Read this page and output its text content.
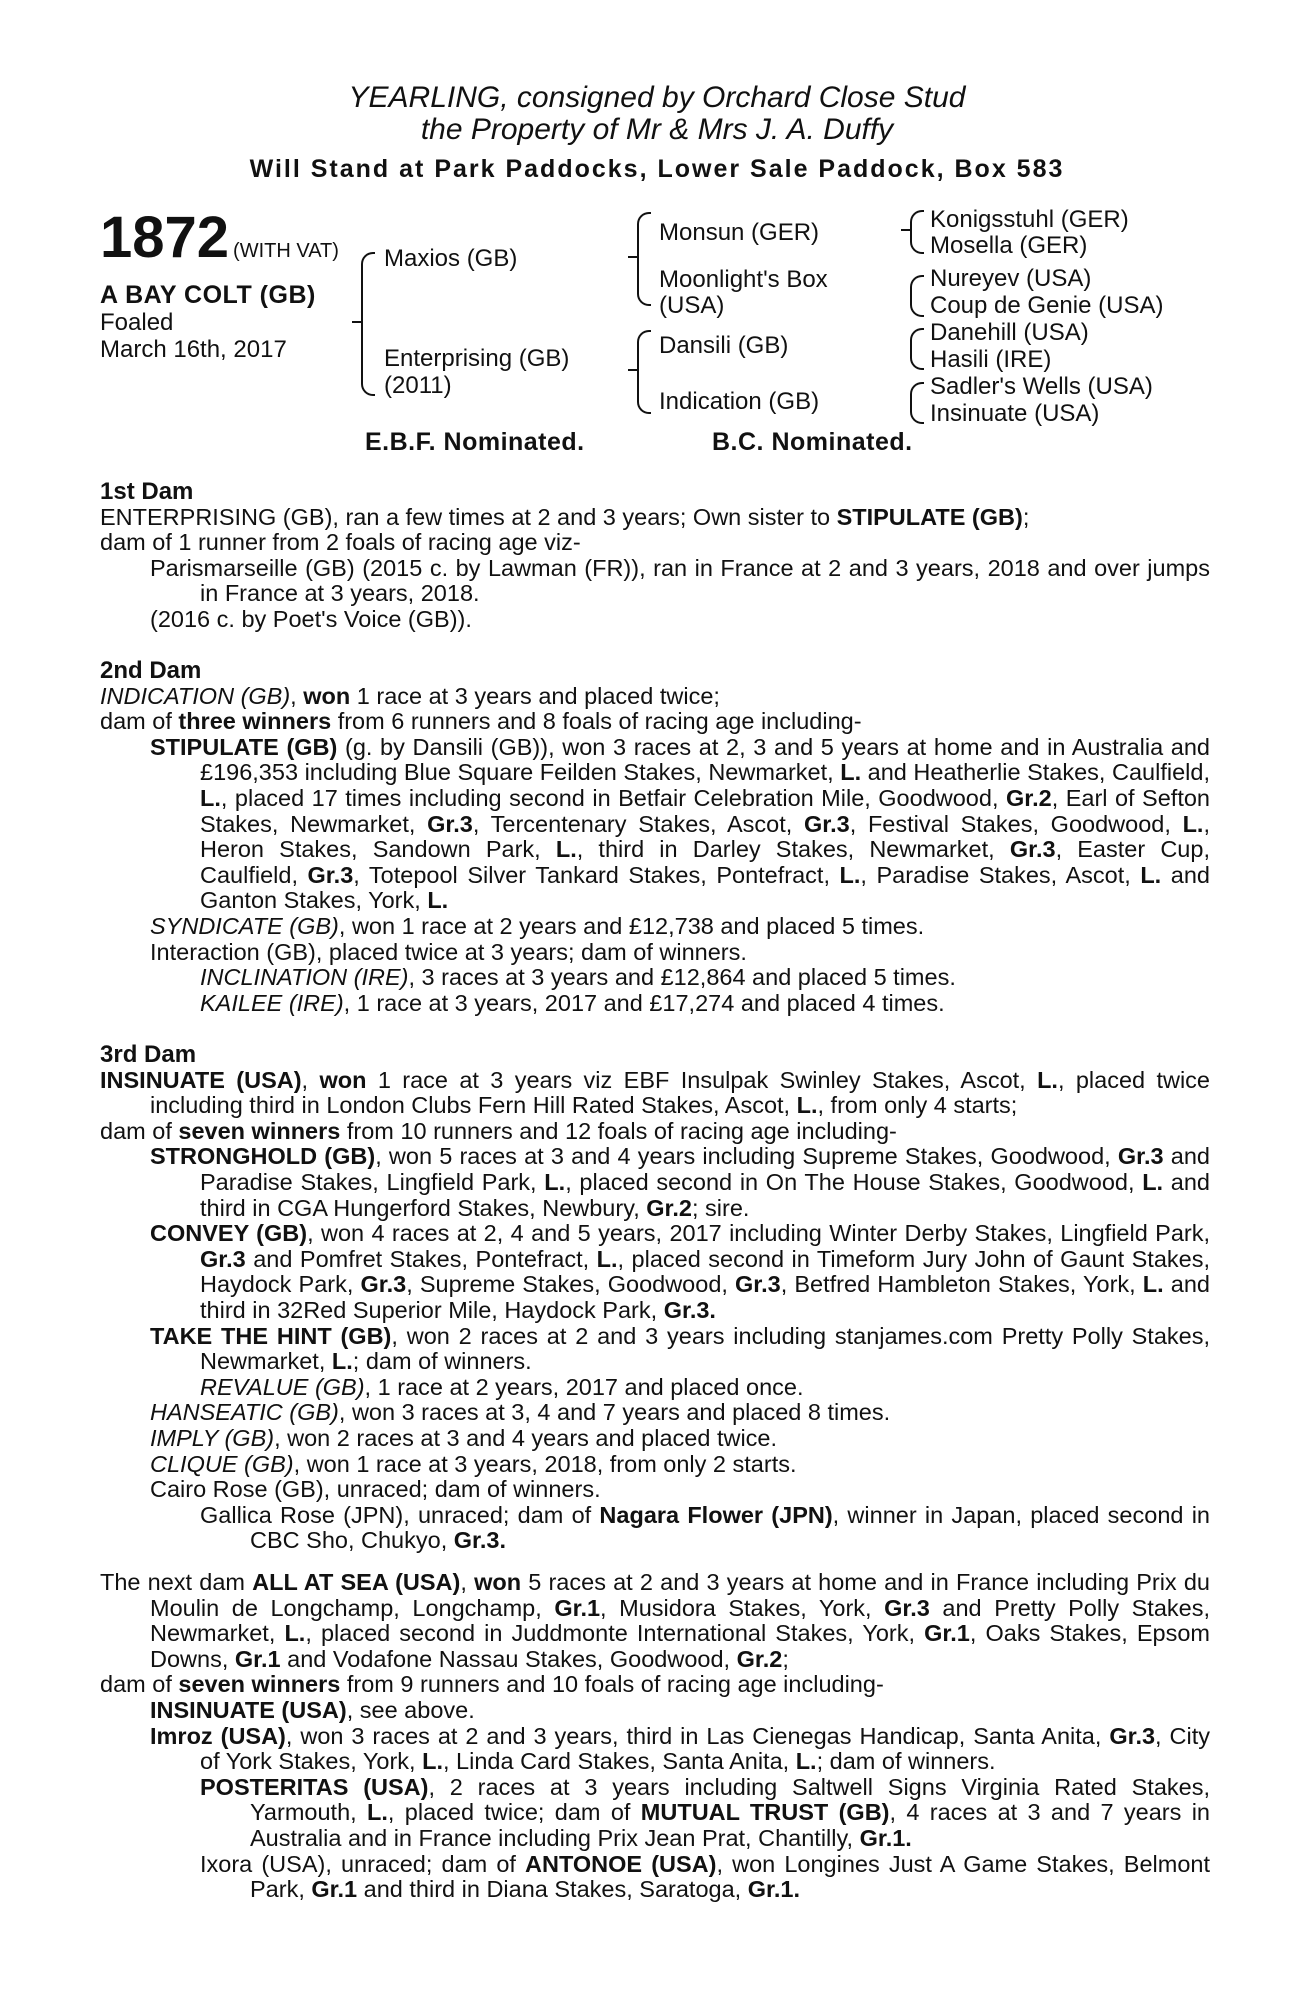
YEARLING, consigned by Orchard Close Stud
the Property of Mr & Mrs J. A. Duffy
Will Stand at Park Paddocks, Lower Sale Paddock, Box 583
1872 (WITH VAT)
A BAY COLT (GB)
Foaled
March 16th, 2017
Maxios (GB)
Enterprising (GB)
(2011)
Monsun (GER)
Moonlight's Box
(USA)
Dansili (GB)
Indication (GB)
Konigsstuhl (GER)
Mosella (GER)
Nureyev (USA)
Coup de Genie (USA)
Danehill (USA)
Hasili (IRE)
Sadler's Wells (USA)
Insinuate (USA)
E.B.F. Nominated.	B.C. Nominated.
1st Dam
ENTERPRISING (GB), ran a few times at 2 and 3 years; Own sister to STIPULATE (GB);
dam of 1 runner from 2 foals of racing age viz-
Parismarseille (GB) (2015 c. by Lawman (FR)), ran in France at 2 and 3 years, 2018 and over jumps in France at 3 years, 2018.
(2016 c. by Poet's Voice (GB)).
2nd Dam
INDICATION (GB), won 1 race at 3 years and placed twice;
dam of three winners from 6 runners and 8 foals of racing age including-
STIPULATE (GB) (g. by Dansili (GB)), won 3 races at 2, 3 and 5 years at home and in Australia and £196,353 including Blue Square Feilden Stakes, Newmarket, L. and Heatherlie Stakes, Caulfield, L., placed 17 times including second in Betfair Celebration Mile, Goodwood, Gr.2, Earl of Sefton Stakes, Newmarket, Gr.3, Tercentenary Stakes, Ascot, Gr.3, Festival Stakes, Goodwood, L., Heron Stakes, Sandown Park, L., third in Darley Stakes, Newmarket, Gr.3, Easter Cup, Caulfield, Gr.3, Totepool Silver Tankard Stakes, Pontefract, L., Paradise Stakes, Ascot, L. and Ganton Stakes, York, L.
SYNDICATE (GB), won 1 race at 2 years and £12,738 and placed 5 times.
Interaction (GB), placed twice at 3 years; dam of winners.
INCLINATION (IRE), 3 races at 3 years and £12,864 and placed 5 times.
KAILEE (IRE), 1 race at 3 years, 2017 and £17,274 and placed 4 times.
3rd Dam
INSINUATE (USA), won 1 race at 3 years viz EBF Insulpak Swinley Stakes, Ascot, L., placed twice including third in London Clubs Fern Hill Rated Stakes, Ascot, L., from only 4 starts;
dam of seven winners from 10 runners and 12 foals of racing age including-
STRONGHOLD (GB), won 5 races at 3 and 4 years including Supreme Stakes, Goodwood, Gr.3 and Paradise Stakes, Lingfield Park, L., placed second in On The House Stakes, Goodwood, L. and third in CGA Hungerford Stakes, Newbury, Gr.2; sire.
CONVEY (GB), won 4 races at 2, 4 and 5 years, 2017 including Winter Derby Stakes, Lingfield Park, Gr.3 and Pomfret Stakes, Pontefract, L., placed second in Timeform Jury John of Gaunt Stakes, Haydock Park, Gr.3, Supreme Stakes, Goodwood, Gr.3, Betfred Hambleton Stakes, York, L. and third in 32Red Superior Mile, Haydock Park, Gr.3.
TAKE THE HINT (GB), won 2 races at 2 and 3 years including stanjames.com Pretty Polly Stakes, Newmarket, L.; dam of winners.
REVALUE (GB), 1 race at 2 years, 2017 and placed once.
HANSEATIC (GB), won 3 races at 3, 4 and 7 years and placed 8 times.
IMPLY (GB), won 2 races at 3 and 4 years and placed twice.
CLIQUE (GB), won 1 race at 3 years, 2018, from only 2 starts.
Cairo Rose (GB), unraced; dam of winners.
Gallica Rose (JPN), unraced; dam of Nagara Flower (JPN), winner in Japan, placed second in CBC Sho, Chukyo, Gr.3.
The next dam ALL AT SEA (USA), won 5 races at 2 and 3 years at home and in France including Prix du Moulin de Longchamp, Longchamp, Gr.1, Musidora Stakes, York, Gr.3 and Pretty Polly Stakes, Newmarket, L., placed second in Juddmonte International Stakes, York, Gr.1, Oaks Stakes, Epsom Downs, Gr.1 and Vodafone Nassau Stakes, Goodwood, Gr.2;
dam of seven winners from 9 runners and 10 foals of racing age including-
INSINUATE (USA), see above.
Imroz (USA), won 3 races at 2 and 3 years, third in Las Cienegas Handicap, Santa Anita, Gr.3, City of York Stakes, York, L., Linda Card Stakes, Santa Anita, L.; dam of winners.
POSTERITAS (USA), 2 races at 3 years including Saltwell Signs Virginia Rated Stakes, Yarmouth, L., placed twice; dam of MUTUAL TRUST (GB), 4 races at 3 and 7 years in Australia and in France including Prix Jean Prat, Chantilly, Gr.1.
Ixora (USA), unraced; dam of ANTONOE (USA), won Longines Just A Game Stakes, Belmont Park, Gr.1 and third in Diana Stakes, Saratoga, Gr.1.
